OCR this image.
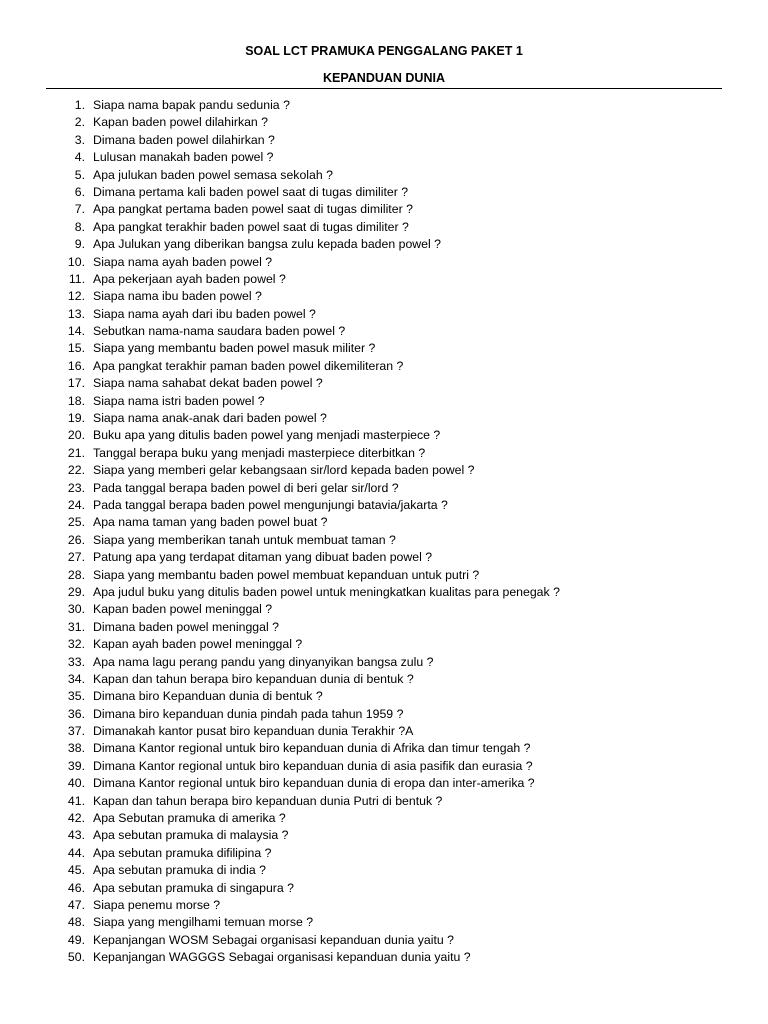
SOAL LCT PRAMUKA PENGGALANG PAKET 1
KEPANDUAN DUNIA
1. Siapa nama bapak pandu sedunia ?
2. Kapan baden powel dilahirkan ?
3. Dimana baden powel dilahirkan ?
4. Lulusan manakah baden powel ?
5. Apa julukan baden powel semasa sekolah ?
6. Dimana pertama kali baden powel saat di tugas dimiliter ?
7. Apa pangkat pertama baden powel saat di tugas dimiliter ?
8. Apa pangkat terakhir baden powel saat di tugas dimiliter ?
9. Apa Julukan yang diberikan bangsa zulu kepada baden powel ?
10. Siapa nama ayah baden powel ?
11. Apa pekerjaan ayah baden powel ?
12. Siapa nama ibu baden powel ?
13. Siapa nama ayah dari ibu baden powel ?
14. Sebutkan nama-nama saudara baden powel ?
15. Siapa yang membantu baden powel masuk militer ?
16. Apa pangkat terakhir paman baden powel dikemiliteran ?
17. Siapa nama sahabat dekat baden powel ?
18. Siapa nama istri baden powel ?
19. Siapa nama anak-anak dari baden powel ?
20. Buku apa yang ditulis baden powel yang menjadi masterpiece ?
21. Tanggal berapa buku yang menjadi masterpiece diterbitkan ?
22. Siapa yang memberi gelar kebangsaan sir/lord kepada baden powel ?
23. Pada tanggal berapa baden powel di beri gelar sir/lord ?
24. Pada tanggal berapa baden powel mengunjungi batavia/jakarta ?
25. Apa nama taman yang baden powel buat ?
26. Siapa yang memberikan tanah untuk membuat taman ?
27. Patung apa yang terdapat ditaman yang dibuat baden powel ?
28. Siapa yang membantu baden powel membuat kepanduan untuk putri ?
29. Apa judul buku yang ditulis baden powel untuk meningkatkan kualitas para penegak ?
30. Kapan baden powel meninggal ?
31. Dimana baden powel meninggal ?
32. Kapan ayah baden powel meninggal ?
33. Apa nama lagu perang pandu yang dinyanyikan bangsa zulu ?
34. Kapan dan tahun berapa biro kepanduan dunia di bentuk ?
35. Dimana biro Kepanduan dunia di bentuk ?
36. Dimana biro kepanduan dunia pindah pada tahun 1959 ?
37. Dimanakah kantor pusat biro kepanduan dunia Terakhir ?A
38. Dimana Kantor regional untuk biro kepanduan dunia di Afrika dan timur tengah ?
39. Dimana Kantor regional untuk biro kepanduan dunia di asia pasifik dan eurasia ?
40. Dimana Kantor regional untuk biro kepanduan dunia di eropa dan inter-amerika ?
41. Kapan dan tahun berapa biro kepanduan dunia Putri di bentuk ?
42. Apa Sebutan pramuka di amerika ?
43. Apa sebutan pramuka di malaysia ?
44. Apa sebutan pramuka difilipina ?
45. Apa sebutan pramuka di india ?
46. Apa sebutan pramuka di singapura ?
47. Siapa penemu morse ?
48. Siapa yang mengilhami temuan morse ?
49. Kepanjangan WOSM Sebagai organisasi kepanduan dunia yaitu ?
50. Kepanjangan WAGGGS Sebagai organisasi kepanduan dunia yaitu ?
